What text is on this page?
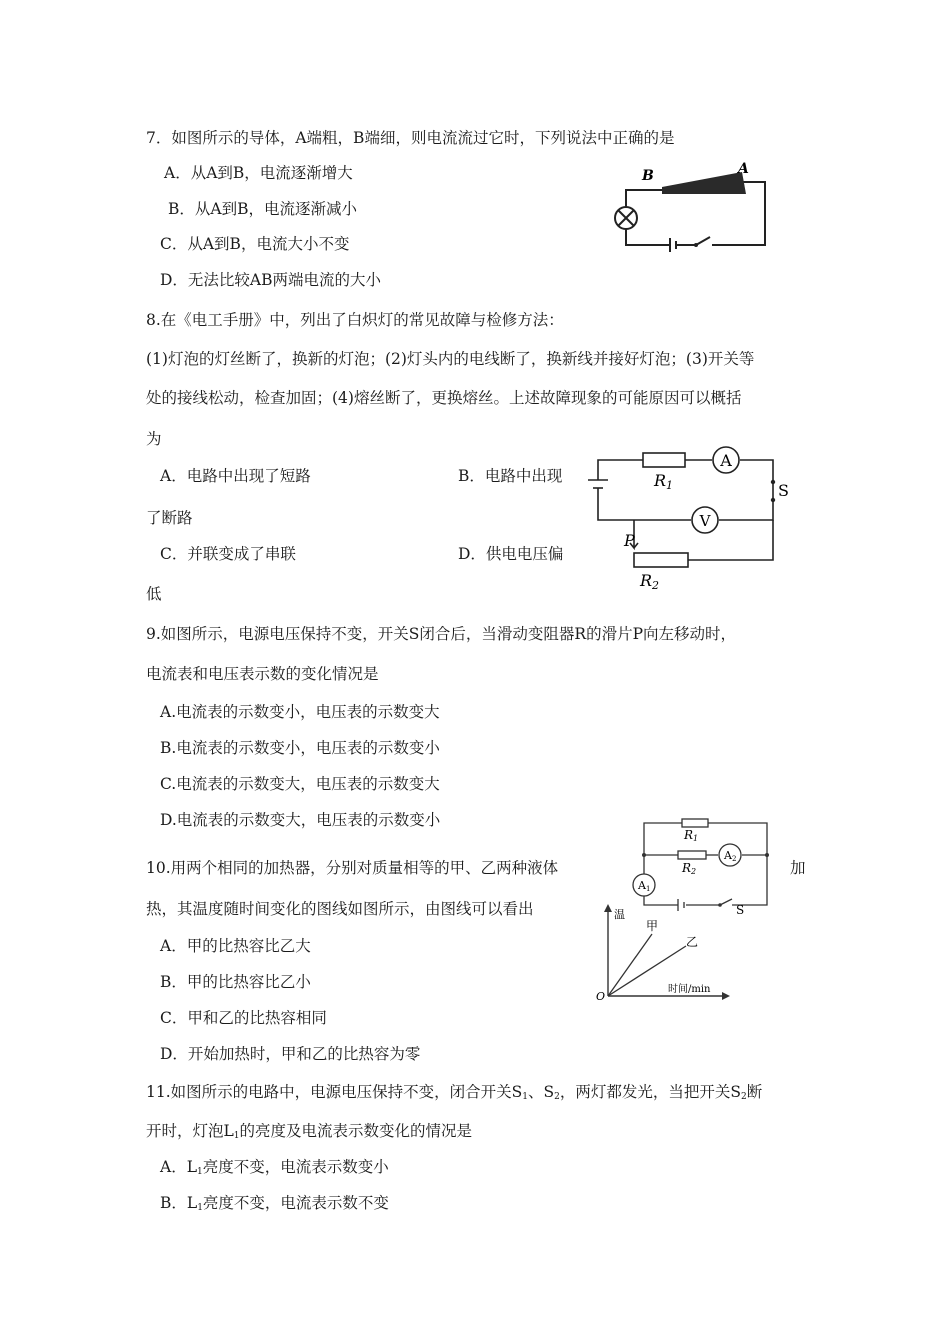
7．如图所示的导体，A端粗，B端细，则电流流过它时，下列说法中正确的是
A．从A到B，电流逐渐增大
B．从A到B，电流逐渐减小
C．从A到B，电流大小不变
D．无法比较AB两端电流的大小
B	A
8.在《电工手册》中，列出了白炽灯的常见故障与检修方法：
(1)灯泡的灯丝断了，换新的灯泡；(2)灯头内的电线断了，换新线并接好灯泡；(3)开关等
处的接线松动，检查加固；(4)熔丝断了，更换熔丝。上述故障现象的可能原因可以概括
为
A．电路中出现了短路	B．电路中出现
了断路
C．并联变成了串联	D．供电电压偏
低
A
V
R1
R2
P
S
9.如图所示，电源电压保持不变，开关S闭合后，当滑动变阻器R的滑片P向左移动时，
电流表和电压表示数的变化情况是
A.电流表的示数变小，电压表的示数变大
B.电流表的示数变小，电压表的示数变小
C.电流表的示数变大，电压表的示数变大
D.电流表的示数变大，电压表的示数变小
R1
R2
A2
A1
S
10.用两个相同的加热器，分别对质量相等的甲、乙两种液体	加
热，其温度随时间变化的图线如图所示，由图线可以看出
A．甲的比热容比乙大
B．甲的比热容比乙小
C．甲和乙的比热容相同
D．开始加热时，甲和乙的比热容为零
温
时间/min
O
甲
乙
11.如图所示的电路中，电源电压保持不变，闭合开关$S_1$、$S_2$，两灯都发光，当把开关$S_2$断
开时，灯泡$L_1$的亮度及电流表示数变化的情况是
A．$L_1$亮度不变，电流表示数变小
B．$L_1$亮度不变，电流表示数不变
